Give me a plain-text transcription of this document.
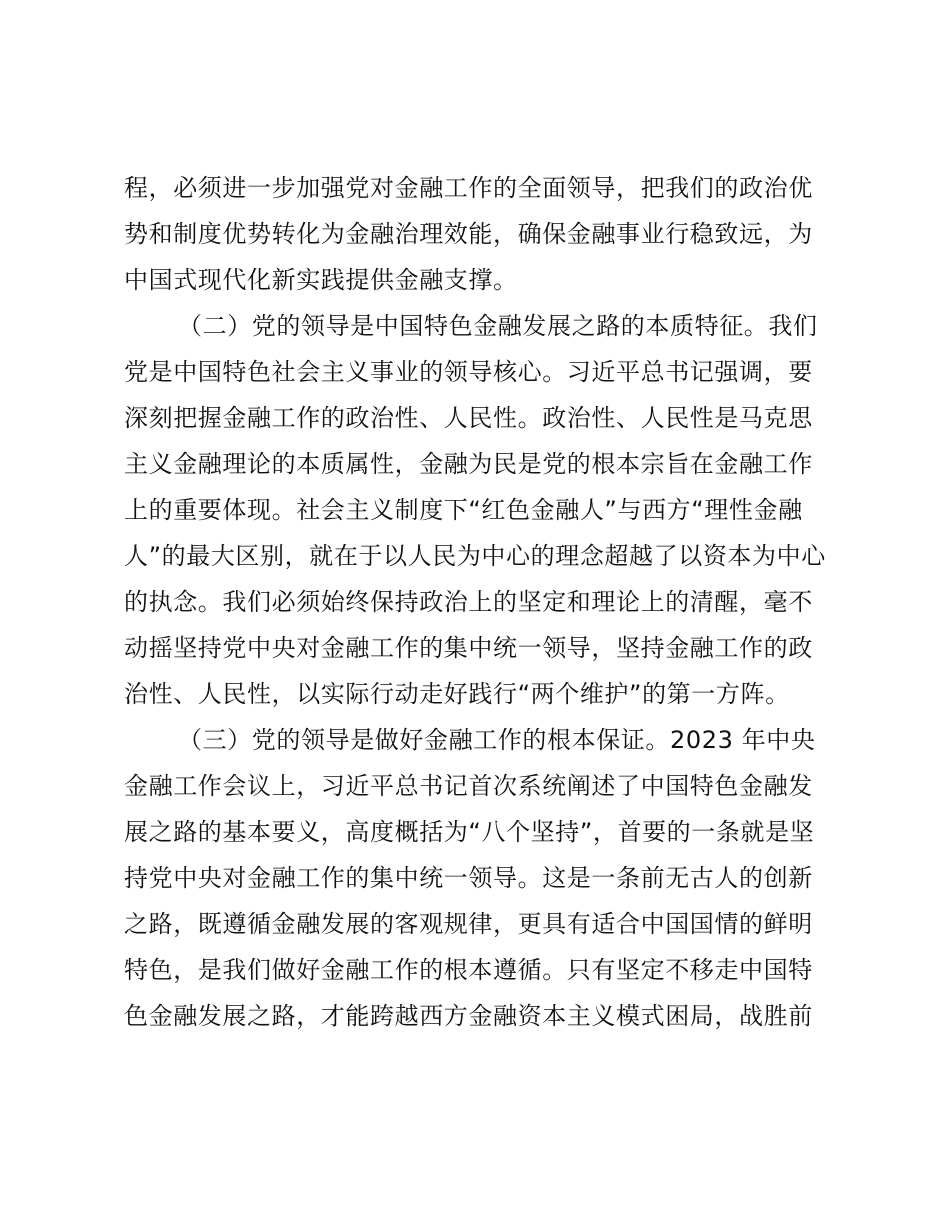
程，必须进一步加强党对金融工作的全面领导，把我们的政治优
势和制度优势转化为金融治理效能，确保金融事业行稳致远，为
中国式现代化新实践提供金融支撑。
（二）党的领导是中国特色金融发展之路的本质特征。我们
党是中国特色社会主义事业的领导核心。习近平总书记强调，要
深刻把握金融工作的政治性、人民性。政治性、人民性是马克思
主义金融理论的本质属性，金融为民是党的根本宗旨在金融工作
上的重要体现。社会主义制度下“红色金融人”与西方“理性金融
人”的最大区别，就在于以人民为中心的理念超越了以资本为中心
的执念。我们必须始终保持政治上的坚定和理论上的清醒，毫不
动摇坚持党中央对金融工作的集中统一领导，坚持金融工作的政
治性、人民性，以实际行动走好践行“两个维护”的第一方阵。
（三）党的领导是做好金融工作的根本保证。2023 年中央
金融工作会议上，习近平总书记首次系统阐述了中国特色金融发
展之路的基本要义，高度概括为“八个坚持”，首要的一条就是坚
持党中央对金融工作的集中统一领导。这是一条前无古人的创新
之路，既遵循金融发展的客观规律，更具有适合中国国情的鲜明
特色，是我们做好金融工作的根本遵循。只有坚定不移走中国特
色金融发展之路，才能跨越西方金融资本主义模式困局，战胜前
